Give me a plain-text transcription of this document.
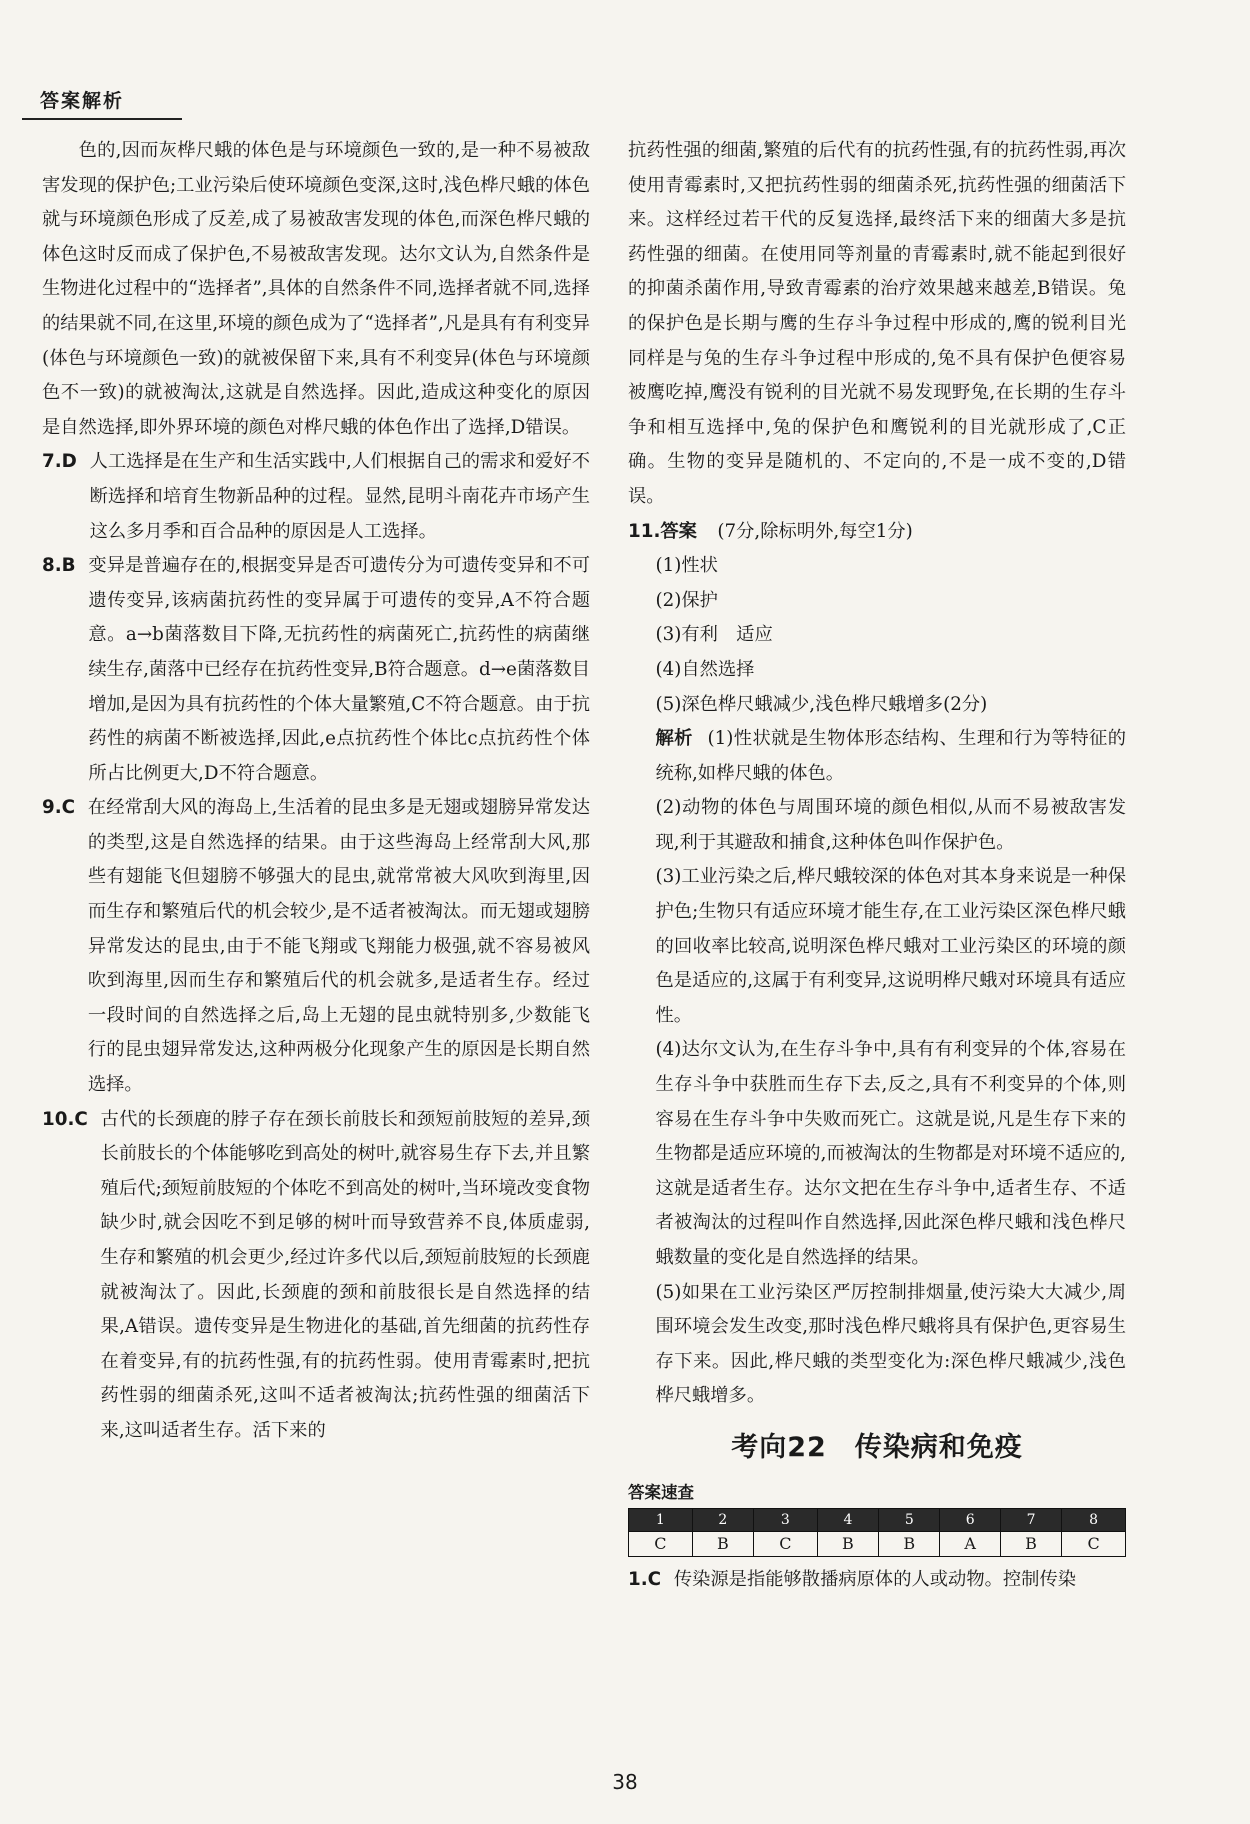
答案解析

色的,因而灰桦尺蛾的体色是与环境颜色一致的,是一种不易被敌害发现的保护色;工业污染后使环境颜色变深,这时,浅色桦尺蛾的体色就与环境颜色形成了反差,成了易被敌害发现的体色,而深色桦尺蛾的体色这时反而成了保护色,不易被敌害发现。达尔文认为,自然条件是生物进化过程中的“选择者”,具体的自然条件不同,选择者就不同,选择的结果就不同,在这里,环境的颜色成为了“选择者”,凡是具有有利变异(体色与环境颜色一致)的就被保留下来,具有不利变异(体色与环境颜色不一致)的就被淘汰,这就是自然选择。因此,造成这种变化的原因是自然选择,即外界环境的颜色对桦尺蛾的体色作出了选择,D错误。

7.D
人工选择是在生产和生活实践中,人们根据自己的需求和爱好不断选择和培育生物新品种的过程。显然,昆明斗南花卉市场产生这么多月季和百合品种的原因是人工选择。
8.B
变异是普遍存在的,根据变异是否可遗传分为可遗传变异和不可遗传变异,该病菌抗药性的变异属于可遗传的变异,A不符合题意。a→b菌落数目下降,无抗药性的病菌死亡,抗药性的病菌继续生存,菌落中已经存在抗药性变异,B符合题意。d→e菌落数目增加,是因为具有抗药性的个体大量繁殖,C不符合题意。由于抗药性的病菌不断被选择,因此,e点抗药性个体比c点抗药性个体所占比例更大,D不符合题意。
9.C
在经常刮大风的海岛上,生活着的昆虫多是无翅或翅膀异常发达的类型,这是自然选择的结果。由于这些海岛上经常刮大风,那些有翅能飞但翅膀不够强大的昆虫,就常常被大风吹到海里,因而生存和繁殖后代的机会较少,是不适者被淘汰。而无翅或翅膀异常发达的昆虫,由于不能飞翔或飞翔能力极强,就不容易被风吹到海里,因而生存和繁殖后代的机会就多,是适者生存。经过一段时间的自然选择之后,岛上无翅的昆虫就特别多,少数能飞行的昆虫翅异常发达,这种两极分化现象产生的原因是长期自然选择。
10.C
古代的长颈鹿的脖子存在颈长前肢长和颈短前肢短的差异,颈长前肢长的个体能够吃到高处的树叶,就容易生存下去,并且繁殖后代;颈短前肢短的个体吃不到高处的树叶,当环境改变食物缺少时,就会因吃不到足够的树叶而导致营养不良,体质虚弱,生存和繁殖的机会更少,经过许多代以后,颈短前肢短的长颈鹿就被淘汰了。因此,长颈鹿的颈和前肢很长是自然选择的结果,A错误。遗传变异是生物进化的基础,首先细菌的抗药性存在着变异,有的抗药性强,有的抗药性弱。使用青霉素时,把抗药性弱的细菌杀死,这叫不适者被淘汰;抗药性强的细菌活下来,这叫适者生存。活下来的

抗药性强的细菌,繁殖的后代有的抗药性强,有的抗药性弱,再次使用青霉素时,又把抗药性弱的细菌杀死,抗药性强的细菌活下来。这样经过若干代的反复选择,最终活下来的细菌大多是抗药性强的细菌。在使用同等剂量的青霉素时,就不能起到很好的抑菌杀菌作用,导致青霉素的治疗效果越来越差,B错误。兔的保护色是长期与鹰的生存斗争过程中形成的,鹰的锐利目光同样是与兔的生存斗争过程中形成的,兔不具有保护色便容易被鹰吃掉,鹰没有锐利的目光就不易发现野兔,在长期的生存斗争和相互选择中,兔的保护色和鹰锐利的目光就形成了,C正确。生物的变异是随机的、不定向的,不是一成不变的,D错误。

11. 答案 (7分,除标明外,每空1分)

(1)性状

(2)保护

(3)有利　适应

(4)自然选择

(5)深色桦尺蛾减少,浅色桦尺蛾增多(2分)

解析 (1)性状就是生物体形态结构、生理和行为等特征的统称,如桦尺蛾的体色。

(2)动物的体色与周围环境的颜色相似,从而不易被敌害发现,利于其避敌和捕食,这种体色叫作保护色。

(3)工业污染之后,桦尺蛾较深的体色对其本身来说是一种保护色;生物只有适应环境才能生存,在工业污染区深色桦尺蛾的回收率比较高,说明深色桦尺蛾对工业污染区的环境的颜色是适应的,这属于有利变异,这说明桦尺蛾对环境具有适应性。

(4)达尔文认为,在生存斗争中,具有有利变异的个体,容易在生存斗争中获胜而生存下去,反之,具有不利变异的个体,则容易在生存斗争中失败而死亡。这就是说,凡是生存下来的生物都是适应环境的,而被淘汰的生物都是对环境不适应的,这就是适者生存。达尔文把在生存斗争中,适者生存、不适者被淘汰的过程叫作自然选择,因此深色桦尺蛾和浅色桦尺蛾数量的变化是自然选择的结果。

(5)如果在工业污染区严厉控制排烟量,使污染大大减少,周围环境会发生改变,那时浅色桦尺蛾将具有保护色,更容易生存下来。因此,桦尺蛾的类型变化为:深色桦尺蛾减少,浅色桦尺蛾增多。

考向22　传染病和免疫
答案速查
1	2	3	4	5	6	7	8
C	B	C	B	B	A	B	C
1.C
传染源是指能够散播病原体的人或动物。控制传染
38
